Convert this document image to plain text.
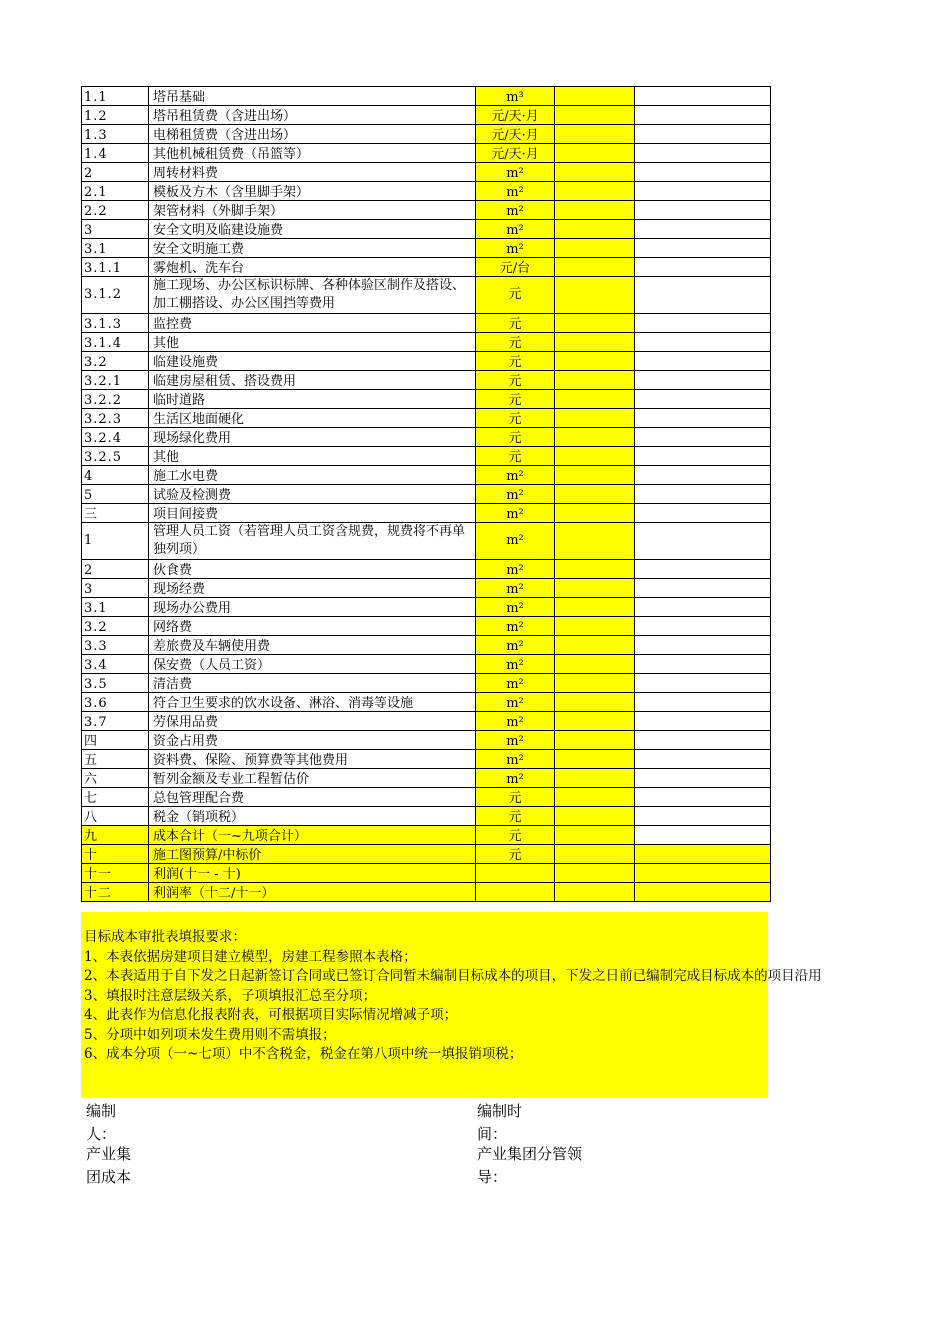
1.1	塔吊基础	m³		
1.2	塔吊租赁费（含进出场）	元/天·月		
1.3	电梯租赁费（含进出场）	元/天·月		
1.4	其他机械租赁费（吊篮等）	元/天·月		
2	周转材料费	m²		
2.1	模板及方木（含里脚手架）	m²		
2.2	架管材料（外脚手架）	m²		
3	安全文明及临建设施费	m²		
3.1	安全文明施工费	m²		
3.1.1	雾炮机、洗车台	元/台		
3.1.2	施工现场、办公区标识标牌、各种体验区制作及搭设、加工棚搭设、办公区围挡等费用	元		
3.1.3	监控费	元		
3.1.4	其他	元		
3.2	临建设施费	元		
3.2.1	临建房屋租赁、搭设费用	元		
3.2.2	临时道路	元		
3.2.3	生活区地面硬化	元		
3.2.4	现场绿化费用	元		
3.2.5	其他	元		
4	施工水电费	m²		
5	试验及检测费	m²		
三	项目间接费	m²		
1	管理人员工资（若管理人员工资含规费，规费将不再单独列项）	m²		
2	伙食费	m²		
3	现场经费	m²		
3.1	现场办公费用	m²		
3.2	网络费	m²		
3.3	差旅费及车辆使用费	m²		
3.4	保安费（人员工资）	m²		
3.5	清洁费	m²		
3.6	符合卫生要求的饮水设备、淋浴、消毒等设施	m²		
3.7	劳保用品费	m²		
四	资金占用费	m²		
五	资料费、保险、预算费等其他费用	m²		
六	暂列金额及专业工程暂估价	m²		
七	总包管理配合费	元		
八	税金（销项税）	元		
九	成本合计（一~九项合计）	元		
十	施工图预算/中标价	元		
十一	利润(十一 - 十)			
十二	利润率（十二/十一）			
目标成本审批表填报要求：
1、本表依据房建项目建立模型，房建工程参照本表格；
2、本表适用于自下发之日起新签订合同或已签订合同暂未编制目标成本的项目，下发之日前已编制完成目标成本的项目沿用
3、填报时注意层级关系，子项填报汇总至分项；
4、此表作为信息化报表附表，可根据项目实际情况增减子项；
5、分项中如列项未发生费用则不需填报；
6、成本分项（一~七项）中不含税金，税金在第八项中统一填报销项税；
编制
人：
编制时
间：
产业集
团成本
产业集团分管领
导：
